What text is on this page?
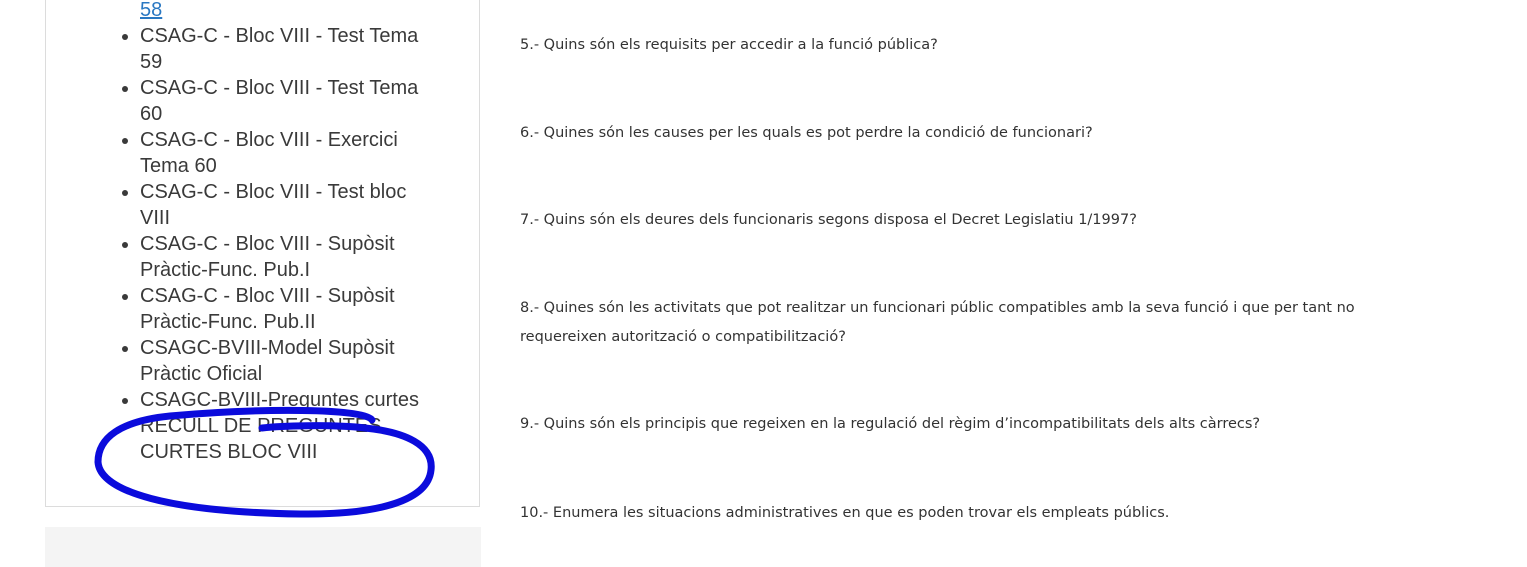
58
• CSAG-C - Bloc VIII - Test Tema 59
• CSAG-C - Bloc VIII - Test Tema 60
• CSAG-C - Bloc VIII - Exercici Tema 60
• CSAG-C - Bloc VIII - Test bloc VIII
• CSAG-C - Bloc VIII - Supòsit Pràctic-Func. Pub.I
• CSAG-C - Bloc VIII - Supòsit Pràctic-Func. Pub.II
• CSAGC-BVIII-Model Supòsit Pràctic Oficial
• CSAGC-BVIII-Preguntes curtes
• RECULL DE PREGUNTES CURTES BLOC VIII

5.- Quins són els requisits per accedir a la funció pública?

6.- Quines són les causes per les quals es pot perdre la condició de funcionari?

7.- Quins són els deures dels funcionaris segons disposa el Decret Legislatiu 1/1997?

8.- Quines són les activitats que pot realitzar un funcionari públic compatibles amb la seva funció i que per tant no requereixen autorització o compatibilització?

9.- Quins són els principis que regeixen en la regulació del règim d’incompatibilitats dels alts càrrecs?

10.- Enumera les situacions administratives en que es poden trovar els empleats públics.
